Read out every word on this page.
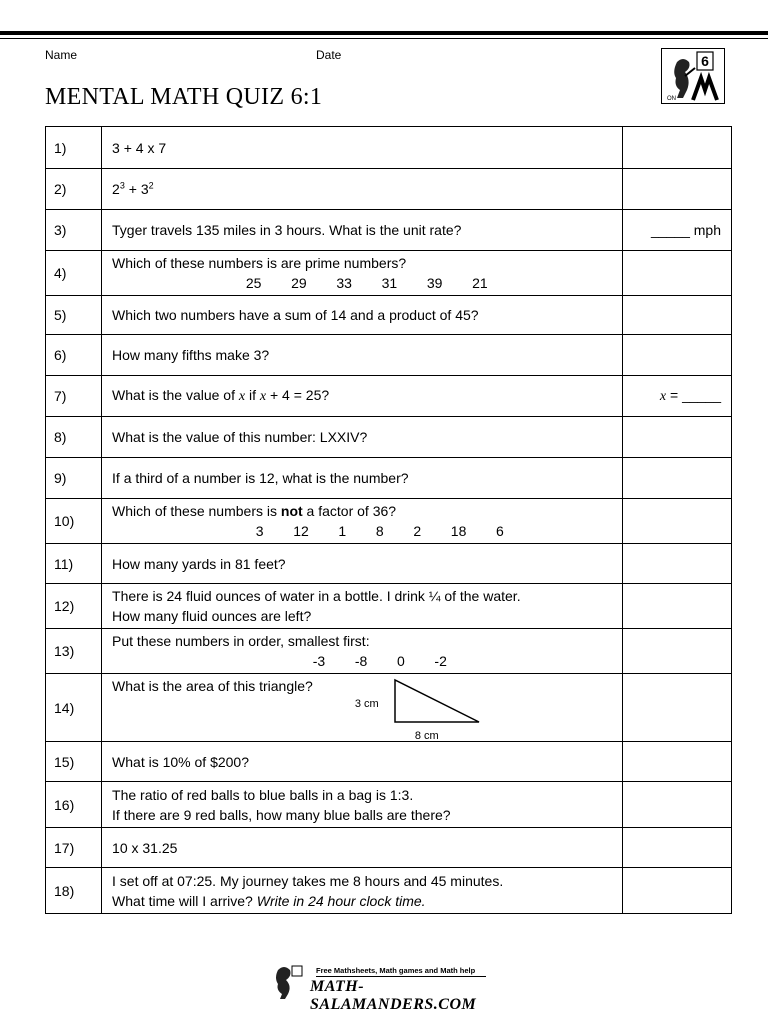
Name	Date
MENTAL MATH QUIZ 6:1
6
ON
1)	3 + 4 x 7	
2)	$2^3 + 3^2$	
3)	Tyger travels 135 miles in 3 hours. What is the unit rate?	_____ mph
4)	Which of these numbers is are prime numbers?
25   29   33   31   39   21	

5)	Which two numbers have a sum of 14 and a product of 45?	
6)	How many fifths make 3?	
7)	What is the value of x if x + 4 = 25?	x = _____
8)	What is the value of this number: LXXIV?	
9)	If a third of a number is 12, what is the number?	
10)	Which of these numbers is not a factor of 36?
3   12   1   8   2   18   6	

11)	How many yards in 81 feet?	
12)	There is 24 fluid ounces of water in a bottle. I drink ¼ of the water.
How many fluid ounces are left?	

13)	Put these numbers in order, smallest first:
-3   -8   0   -2	

14)	What is the area of this triangle?
3 cm
8 cm	

15)	What is 10% of $200?	
16)	The ratio of red balls to blue balls in a bag is 1:3.
If there are 9 red balls, how many blue balls are there?	

17)	10 x 31.25	
18)	I set off at 07:25. My journey takes me 8 hours and 45 minutes.
What time will I arrive? Write in 24 hour clock time.	

Free Mathsheets, Math games and Math help
MATH-SALAMANDERS.COM
